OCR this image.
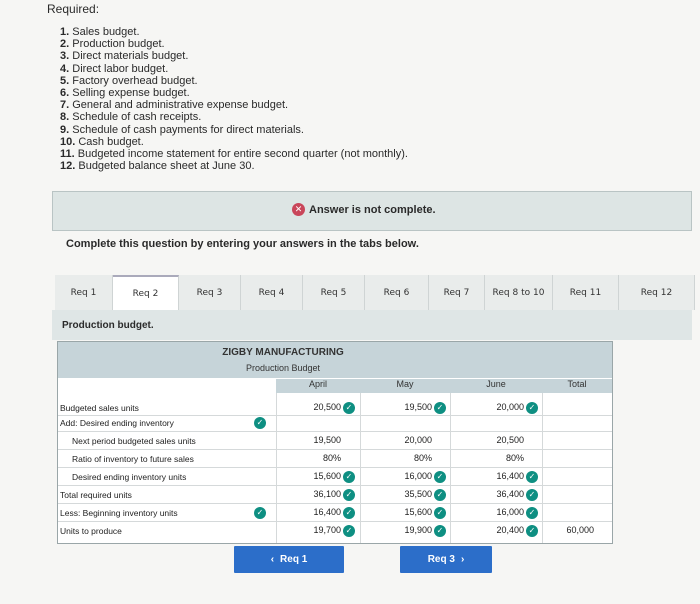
Required:
1. Sales budget.
2. Production budget.
3. Direct materials budget.
4. Direct labor budget.
5. Factory overhead budget.
6. Selling expense budget.
7. General and administrative expense budget.
8. Schedule of cash receipts.
9. Schedule of cash payments for direct materials.
10. Cash budget.
11. Budgeted income statement for entire second quarter (not monthly).
12. Budgeted balance sheet at June 30.
✕ Answer is not complete.
Complete this question by entering your answers in the tabs below.
Req 1	Req 2	Req 3	Req 4	Req 5	Req 6	Req 7	Req 8 to 10	Req 11	Req 12
Production budget.
ZIGBY MANUFACTURING
Production Budget
April	May	June	Total
Budgeted sales units	20,500 ✓	19,500 ✓	20,000 ✓
Add: Desired ending inventory	✓
Next period budgeted sales units	19,500	20,000	20,500
Ratio of inventory to future sales	80%	80%	80%
Desired ending inventory units	15,600 ✓	16,000 ✓	16,400 ✓
Total required units	36,100 ✓	35,500 ✓	36,400 ✓
Less: Beginning inventory units	✓	16,400 ✓	15,600 ✓	16,000 ✓
Units to produce	19,700 ✓	19,900 ✓	20,400 ✓	60,000
‹ Req 1	Req 3 ›
